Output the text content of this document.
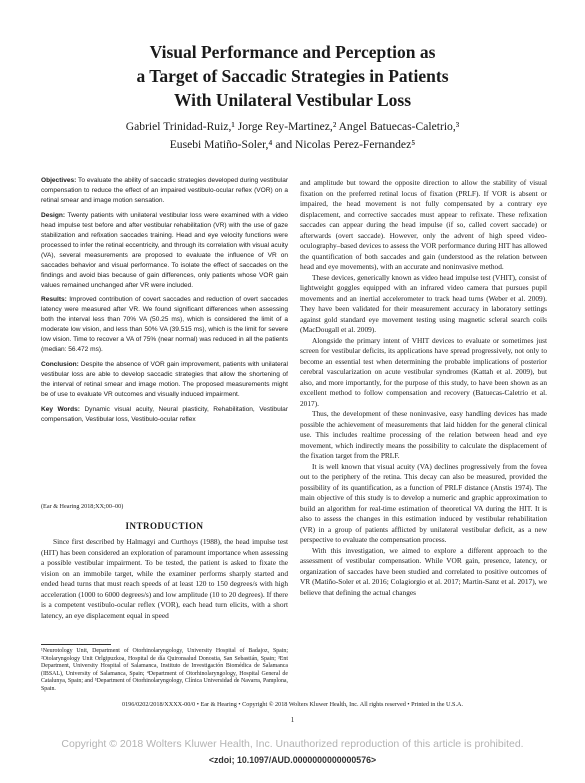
Visual Performance and Perception as
a Target of Saccadic Strategies in Patients
With Unilateral Vestibular Loss
Gabriel Trinidad-Ruiz,¹ Jorge Rey-Martinez,² Angel Batuecas-Caletrio,³
Eusebi Matiño-Soler,⁴ and Nicolas Perez-Fernandez⁵

Objectives: To evaluate the ability of saccadic strategies developed during vestibular compensation to reduce the effect of an impaired vestibulo-ocular reflex (VOR) on a retinal smear and image motion sensation.

Design: Twenty patients with unilateral vestibular loss were examined with a video head impulse test before and after vestibular rehabilitation (VR) with the use of gaze stabilization and refixation saccades training. Head and eye velocity functions were processed to infer the retinal eccentricity, and through its correlation with visual acuity (VA), several measurements are proposed to evaluate the influence of VR on saccades behavior and visual performance. To isolate the effect of saccades on the findings and avoid bias because of gain differences, only patients whose VOR gain values remained unchanged after VR were included.

Results: Improved contribution of covert saccades and reduction of overt saccades latency were measured after VR. We found significant differences when assessing both the interval less than 70% VA (50.25 ms), which is considered the limit of a moderate low vision, and less than 50% VA (39.515 ms), which is the limit for severe low vision. Time to recover a VA of 75% (near normal) was reduced in all the patients (median: 56.472 ms).

Conclusion: Despite the absence of VOR gain improvement, patients with unilateral vestibular loss are able to develop saccadic strategies that allow the shortening of the interval of retinal smear and image motion. The proposed measurements might be of use to evaluate VR outcomes and visually induced impairment.

Key Words: Dynamic visual acuity, Neural plasticity, Rehabilitation, Vestibular compensation, Vestibular loss, Vestibulo-ocular reflex

(Ear & Hearing 2018;XX;00–00)
INTRODUCTION

Since first described by Halmagyi and Curthoys (1988), the head impulse test (HIT) has been considered an exploration of paramount importance when assessing a possible vestibular impairment. To be tested, the patient is asked to fixate the vision on an immobile target, while the examiner performs sharply started and ended head turns that must reach speeds of at least 120 to 150 degrees/s with high acceleration (1000 to 6000 degrees/s) and low amplitude (10 to 20 degrees). If there is a competent vestibulo-ocular reflex (VOR), each head turn elicits, with a short latency, an eye displacement equal in speed

¹Neurotology Unit, Department of Otorhinolaryngology, University Hospital of Badajoz, Spain; ²Otolaryngology Unit Orlgipuzkoa, Hospital de día Quironsalud Donostia, San Sebastián, Spain; ³Ent Department, University Hospital of Salamanca, Instituto de Investigación Biomédica de Salamanca (IBSAL), University of Salamanca, Spain; ⁴Department of Otorhinolaryngology, Hospital General de Catalunya, Spain; and ⁵Department of Otorhinolaryngology, Clínica Universidad de Navarra, Pamplona, Spain.

and amplitude but toward the opposite direction to allow the stability of visual fixation on the preferred retinal locus of fixation (PRLF). If VOR is absent or impaired, the head movement is not fully compensated by a contrary eye displacement, and corrective saccades must appear to refixate. These refixation saccades can appear during the head impulse (if so, called covert saccade) or afterwards (overt saccade). However, only the advent of high speed video-oculography–based devices to assess the VOR performance during HIT has allowed the quantification of both saccades and gain (understood as the relation between head and eye movements), with an accurate and noninvasive method.

These devices, generically known as video head impulse test (VHIT), consist of lightweight goggles equipped with an infrared video camera that pursues pupil movements and an inertial accelerometer to track head turns (Weber et al. 2009). They have been validated for their measurement accuracy in laboratory settings against gold standard eye movement testing using magnetic scleral search coils (MacDougall et al. 2009).

Alongside the primary intent of VHIT devices to evaluate or sometimes just screen for vestibular deficits, its applications have spread progressively, not only to become an essential test when determining the probable implications of posterior cerebral vascularization on acute vestibular syndromes (Kattah et al. 2009), but also, and more importantly, for the purpose of this study, to have been shown as an excellent method to follow compensation and recovery (Batuecas-Caletrio et al. 2017).

Thus, the development of these noninvasive, easy handling devices has made possible the achievement of measurements that laid hidden for the general clinical use. This includes realtime processing of the relation between head and eye movement, which indirectly means the possibility to calculate the displacement of the fixation target from the PRLF.

It is well known that visual acuity (VA) declines progressively from the fovea out to the periphery of the retina. This decay can also be measured, provided the possibility of its quantification, as a function of PRLF distance (Anstis 1974). The main objective of this study is to develop a numeric and graphic approximation to build an algorithm for real-time estimation of theoretical VA during the HIT. It is also to assess the changes in this estimation induced by vestibular rehabilitation (VR) in a group of patients afflicted by unilateral vestibular deficit, as a new perspective to evaluate the compensation process.

With this investigation, we aimed to explore a different approach to the assessment of vestibular compensation. While VOR gain, presence, latency, or organization of saccades have been studied and correlated to positive outcomes of VR (Matiño-Soler et al. 2016; Colagiorgio et al. 2017; Martin-Sanz et al. 2017), we believe that defining the actual changes

0196/0202/2018/XXXX-00/0 • Ear & Hearing • Copyright © 2018 Wolters Kluwer Health, Inc. All rights reserved • Printed in the U.S.A.
1
Copyright © 2018 Wolters Kluwer Health, Inc. Unauthorized reproduction of this article is prohibited.
<zdoi; 10.1097/AUD.0000000000000576>
